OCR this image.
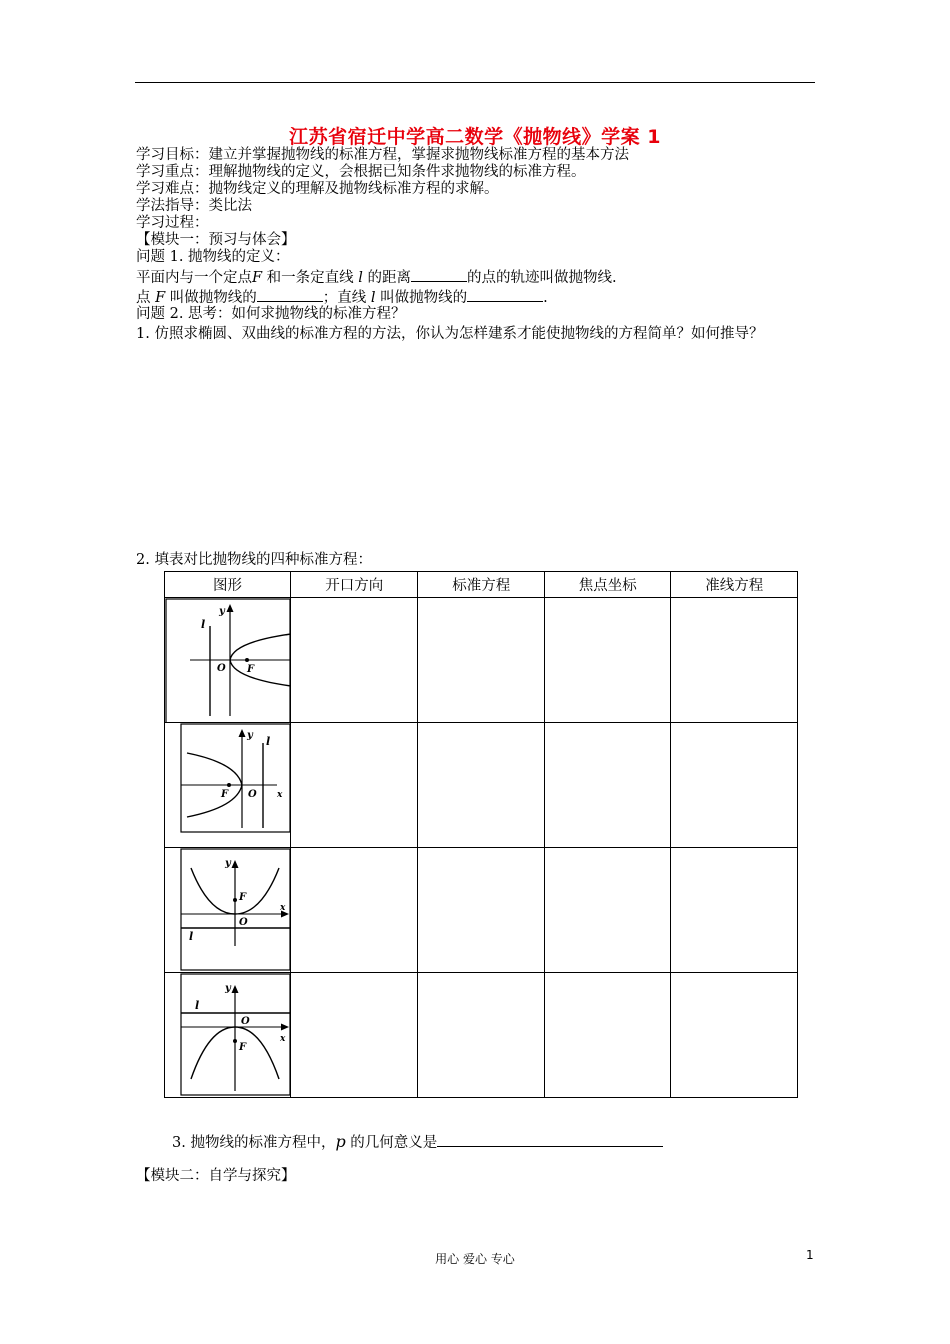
江苏省宿迁中学高二数学《抛物线》学案 1
学习目标：建立并掌握抛物线的标准方程，掌握求抛物线标准方程的基本方法
学习重点：理解抛物线的定义，会根据已知条件求抛物线的标准方程。
学习难点：抛物线定义的理解及抛物线标准方程的求解。
学法指导：类比法
学习过程：
【模块一：预习与体会】
问题 1. 抛物线的定义：
平面内与一个定点F 和一条定直线 l 的距离	的点的轨迹叫做抛物线.
点 F 叫做抛物线的	；直线 l 叫做抛物线的	.
问题 2. 思考：如何求抛物线的标准方程？
1. 仿照求椭圆、双曲线的标准方程的方法，你认为怎样建系才能使抛物线的方程简单？如何推导？
2. 填表对比抛物线的四种标准方程：
图形	开口方向	标准方程	焦点坐标	准线方程

y
l
O F				

y l
O
F x				

y
l
O
F
x				

y
l
O
F
x				

3. 抛物线的标准方程中，p 的几何意义是
【模块二：自学与探究】
用心 爱心 专心	1
